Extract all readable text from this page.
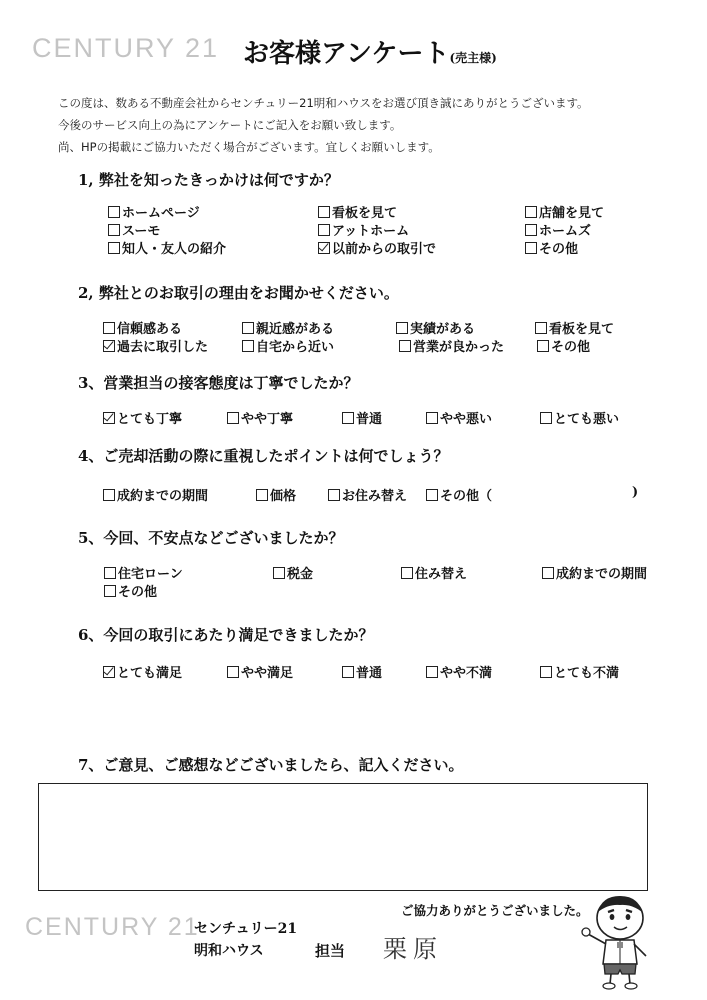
CENTURY 21 お客様アンケート(売主様)
この度は、数ある不動産会社からセンチュリー21明和ハウスをお選び頂き誠にありがとうございます。
今後のサービス向上の為にアンケートにご記入をお願い致します。
尚、HPの掲載にご協力いただく場合がございます。宜しくお願いします。
1, 弊社を知ったきっかけは何ですか？
ホームページ	看板を見て	店舗を見て
スーモ	アットホーム	ホームズ
知人・友人の紹介	以前からの取引で	その他
2, 弊社とのお取引の理由をお聞かせください。
信頼感ある	親近感がある	実績がある	看板を見て
過去に取引した	自宅から近い	営業が良かった	その他
3、営業担当の接客態度は丁寧でしたか？
とても丁寧	やや丁寧	普通	やや悪い	とても悪い
4、ご売却活動の際に重視したポイントは何でしょう？
成約までの期間	価格	お住み替え	その他（	)
5、今回、不安点などございましたか？
住宅ローン	税金	住み替え	成約までの期間
その他
6、今回の取引にあたり満足できましたか？
とても満足	やや満足	普通	やや不満	とても不満
7、ご意見、ご感想などございましたら、記入ください。
ご協力ありがとうございました。
CENTURY 21
センチュリー21
明和ハウス	担当 栗原
